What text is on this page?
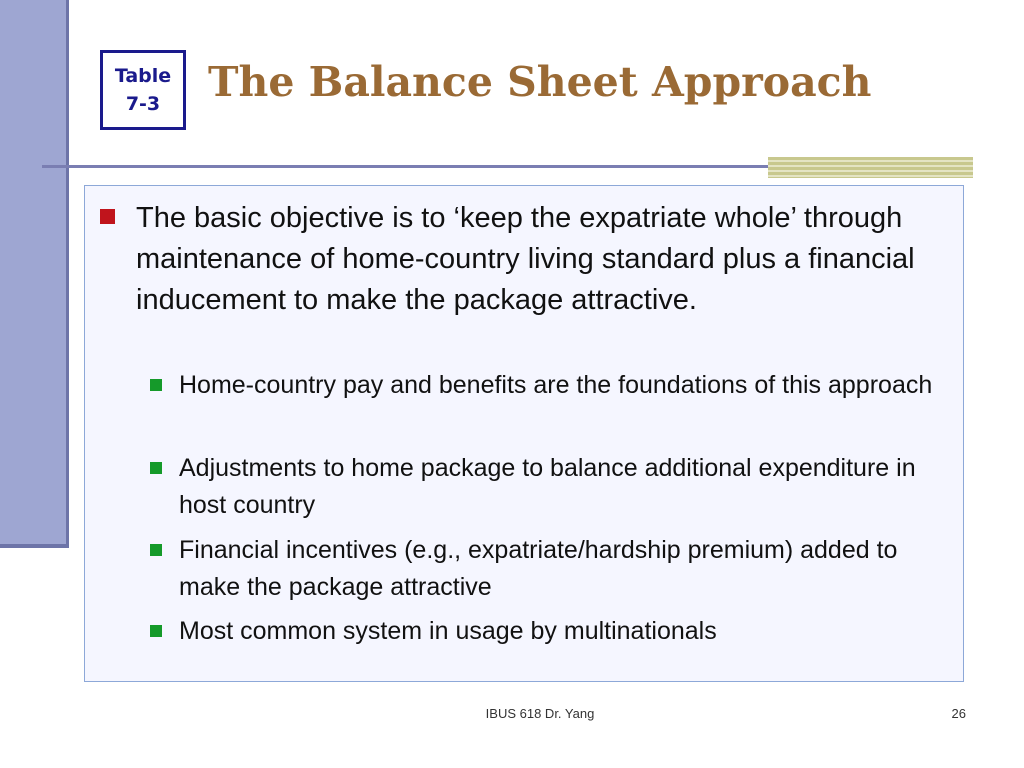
Table
7-3	The Balance Sheet Approach
The basic objective is to ‘keep the expatriate whole’ through maintenance of home-country living standard plus a financial inducement to make the package attractive.
Home-country pay and benefits are the foundations of this approach
Adjustments to home package to balance additional expenditure in host country
Financial incentives (e.g., expatriate/hardship premium) added to make the package attractive
Most common system in usage by multinationals
IBUS 618 Dr. Yang	26
